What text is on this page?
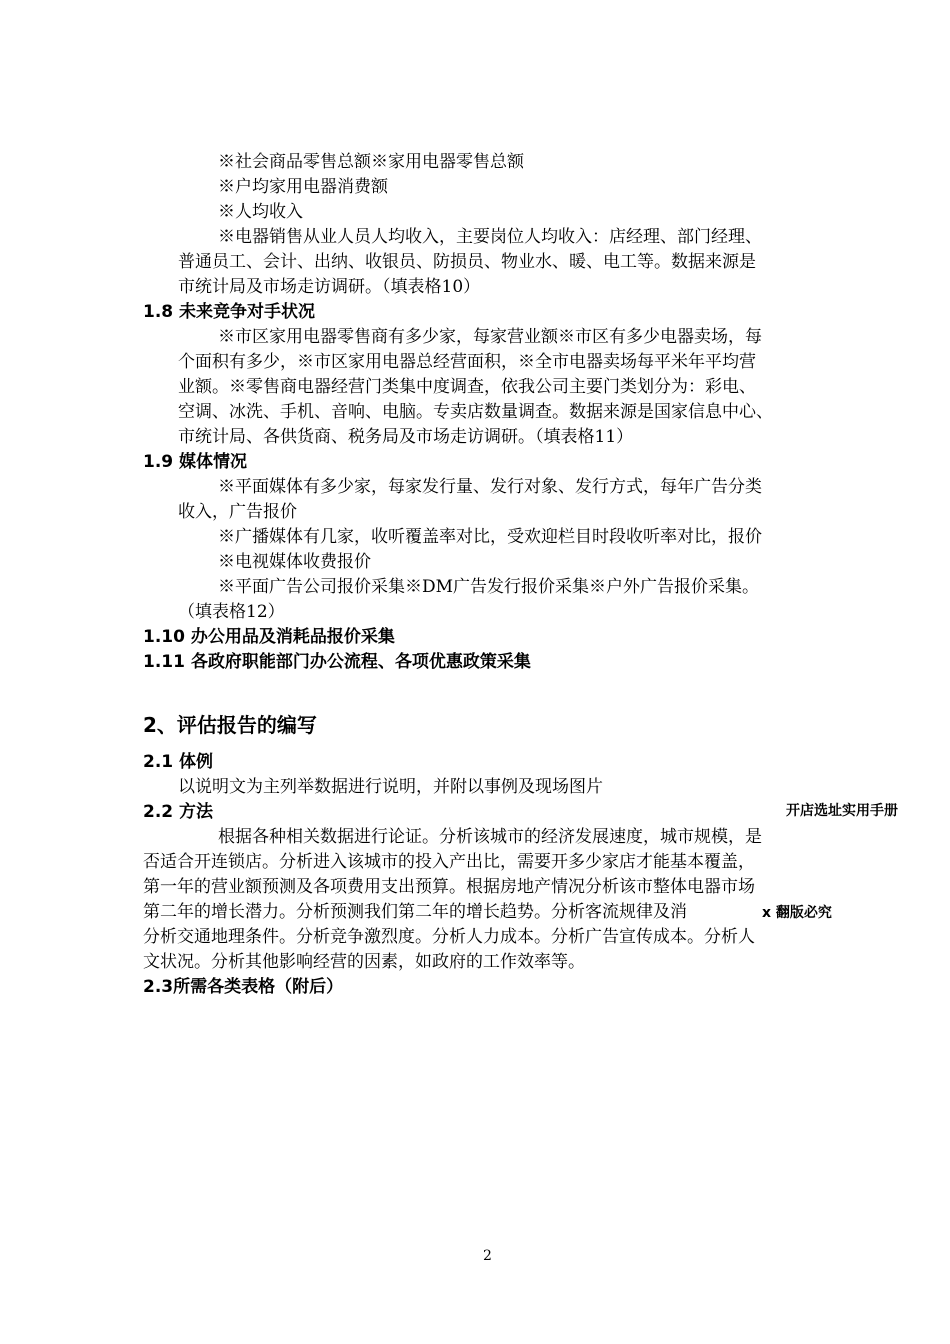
※社会商品零售总额※家用电器零售总额
※户均家用电器消费额
※人均收入
※电器销售从业人员人均收入，主要岗位人均收入：店经理、部门经理、
普通员工、会计、出纳、收银员、防损员、物业水、暖、电工等。数据来源是
市统计局及市场走访调研。（填表格10）
1.8 未来竞争对手状况
※市区家用电器零售商有多少家，每家营业额※市区有多少电器卖场，每
个面积有多少，※市区家用电器总经营面积，※全市电器卖场每平米年平均营
业额。※零售商电器经营门类集中度调查，依我公司主要门类划分为：彩电、
空调、冰洗、手机、音响、电脑。专卖店数量调查。数据来源是国家信息中心、
市统计局、各供货商、税务局及市场走访调研。（填表格11）
1.9 媒体情况
※平面媒体有多少家，每家发行量、发行对象、发行方式，每年广告分类
收入，广告报价
※广播媒体有几家，收听覆盖率对比，受欢迎栏目时段收听率对比，报价
※电视媒体收费报价
※平面广告公司报价采集※DM广告发行报价采集※户外广告报价采集。
（填表格12）
1.10 办公用品及消耗品报价采集
1.11 各政府职能部门办公流程、各项优惠政策采集
2、评估报告的编写
2.1 体例
以说明文为主列举数据进行说明，并附以事例及现场图片
2.2 方法	开店选址实用手册
根据各种相关数据进行论证。分析该城市的经济发展速度，城市规模，是
否适合开连锁店。分析进入该城市的投入产出比，需要开多少家店才能基本覆盖，
第一年的营业额预测及各项费用支出预算。根据房地产情况分析该市整体电器市场
第二年的增长潜力。分析预测我们第二年的增长趋势。分析客流规律及消	x 翻版必究
分析交通地理条件。分析竞争激烈度。分析人力成本。分析广告宣传成本。分析人
文状况。分析其他影响经营的因素，如政府的工作效率等。
2.3所需各类表格（附后）
2
